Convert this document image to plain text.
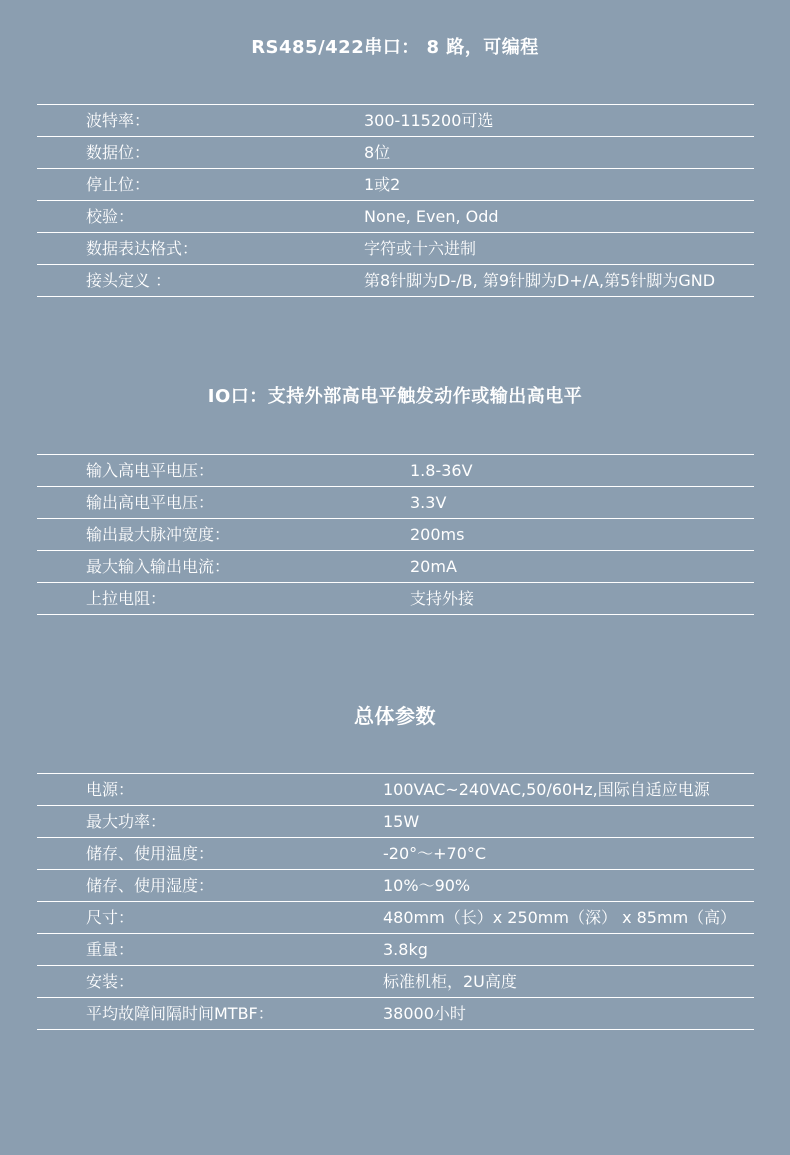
RS485/422串口： 8 路，可编程
波特率：	300-115200可选
数据位：	8位
停止位：	1或2
校验：	None, Even, Odd
数据表达格式：	字符或十六进制
接头定义 ：	第8针脚为D-/B, 第9针脚为D+/A,第5针脚为GND
IO口：支持外部高电平触发动作或输出高电平
输入高电平电压：	1.8-36V
输出高电平电压：	3.3V
输出最大脉冲宽度：	200ms
最大输入输出电流：	20mA
上拉电阻：	支持外接
总体参数
电源：	100VAC~240VAC,50/60Hz,国际自适应电源
最大功率：	15W
储存、使用温度：	-20°～+70°C
储存、使用湿度：	10%～90%
尺寸：	480mm（长）x 250mm（深） x 85mm（高）
重量：	3.8kg
安装：	标准机柜，2U高度
平均故障间隔时间MTBF：	38000小时
